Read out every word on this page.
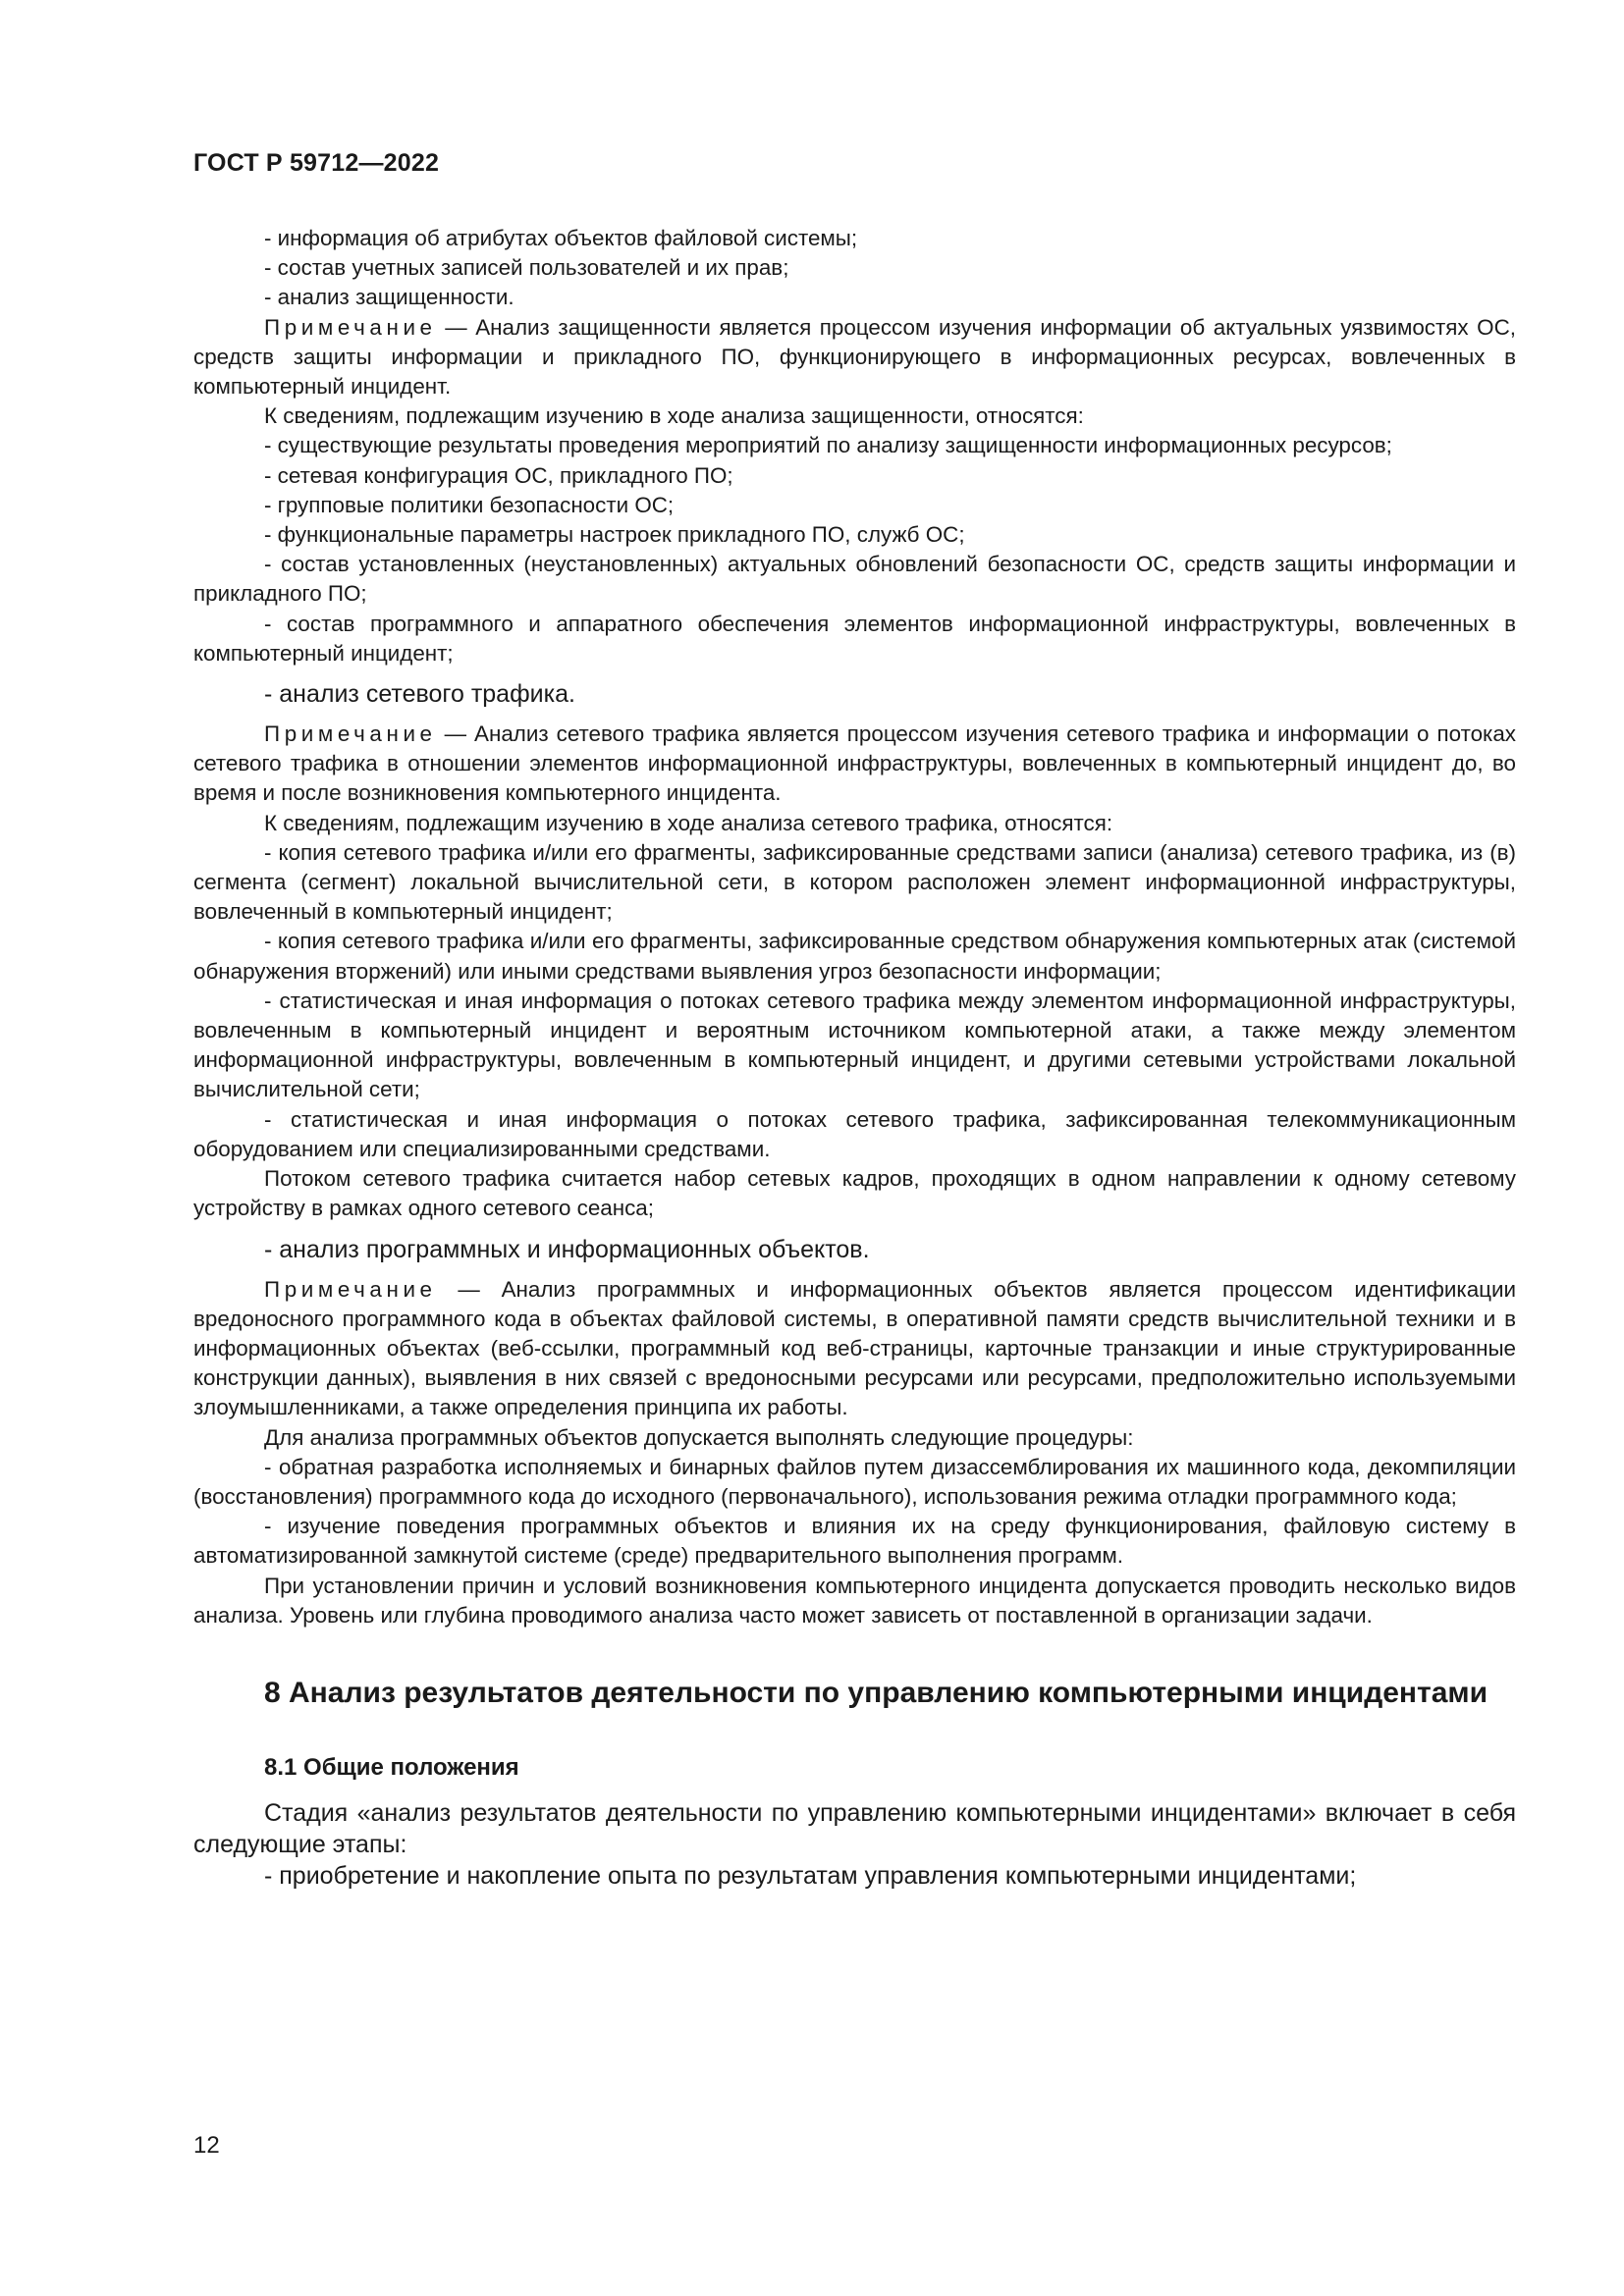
ГОСТ Р 59712—2022

- информация об атрибутах объектов файловой системы;

- состав учетных записей пользователей и их прав;

- анализ защищенности.

Примечание — Анализ защищенности является процессом изучения информации об актуальных уязвимостях ОС, средств защиты информации и прикладного ПО, функционирующего в информационных ресурсах, вовлеченных в компьютерный инцидент.

К сведениям, подлежащим изучению в ходе анализа защищенности, относятся:

- существующие результаты проведения мероприятий по анализу защищенности информационных ресурсов;

- сетевая конфигурация ОС, прикладного ПО;

- групповые политики безопасности ОС;

- функциональные параметры настроек прикладного ПО, служб ОС;

- состав установленных (неустановленных) актуальных обновлений безопасности ОС, средств защиты информации и прикладного ПО;

- состав программного и аппаратного обеспечения элементов информационной инфраструктуры, вовлеченных в компьютерный инцидент;

- анализ сетевого трафика.

Примечание — Анализ сетевого трафика является процессом изучения сетевого трафика и информации о потоках сетевого трафика в отношении элементов информационной инфраструктуры, вовлеченных в компьютерный инцидент до, во время и после возникновения компьютерного инцидента.

К сведениям, подлежащим изучению в ходе анализа сетевого трафика, относятся:

- копия сетевого трафика и/или его фрагменты, зафиксированные средствами записи (анализа) сетевого трафика, из (в) сегмента (сегмент) локальной вычислительной сети, в котором расположен элемент информационной инфраструктуры, вовлеченный в компьютерный инцидент;

- копия сетевого трафика и/или его фрагменты, зафиксированные средством обнаружения компьютерных атак (системой обнаружения вторжений) или иными средствами выявления угроз безопасности информации;

- статистическая и иная информация о потоках сетевого трафика между элементом информационной инфраструктуры, вовлеченным в компьютерный инцидент и вероятным источником компьютерной атаки, а также между элементом информационной инфраструктуры, вовлеченным в компьютерный инцидент, и другими сетевыми устройствами локальной вычислительной сети;

- статистическая и иная информация о потоках сетевого трафика, зафиксированная телекоммуникационным оборудованием или специализированными средствами.

Потоком сетевого трафика считается набор сетевых кадров, проходящих в одном направлении к одному сетевому устройству в рамках одного сетевого сеанса;

- анализ программных и информационных объектов.

Примечание — Анализ программных и информационных объектов является процессом идентификации вредоносного программного кода в объектах файловой системы, в оперативной памяти средств вычислительной техники и в информационных объектах (веб-ссылки, программный код веб-страницы, карточные транзакции и иные структурированные конструкции данных), выявления в них связей с вредоносными ресурсами или ресурсами, предположительно используемыми злоумышленниками, а также определения принципа их работы.

Для анализа программных объектов допускается выполнять следующие процедуры:

- обратная разработка исполняемых и бинарных файлов путем дизассемблирования их машинного кода, декомпиляции (восстановления) программного кода до исходного (первоначального), использования режима отладки программного кода;

- изучение поведения программных объектов и влияния их на среду функционирования, файловую систему в автоматизированной замкнутой системе (среде) предварительного выполнения программ.

При установлении причин и условий возникновения компьютерного инцидента допускается проводить несколько видов анализа. Уровень или глубина проводимого анализа часто может зависеть от поставленной в организации задачи.

8 Анализ результатов деятельности по управлению компьютерными инцидентами

8.1 Общие положения

Стадия «анализ результатов деятельности по управлению компьютерными инцидентами» включает в себя следующие этапы:

- приобретение и накопление опыта по результатам управления компьютерными инцидентами;

12
